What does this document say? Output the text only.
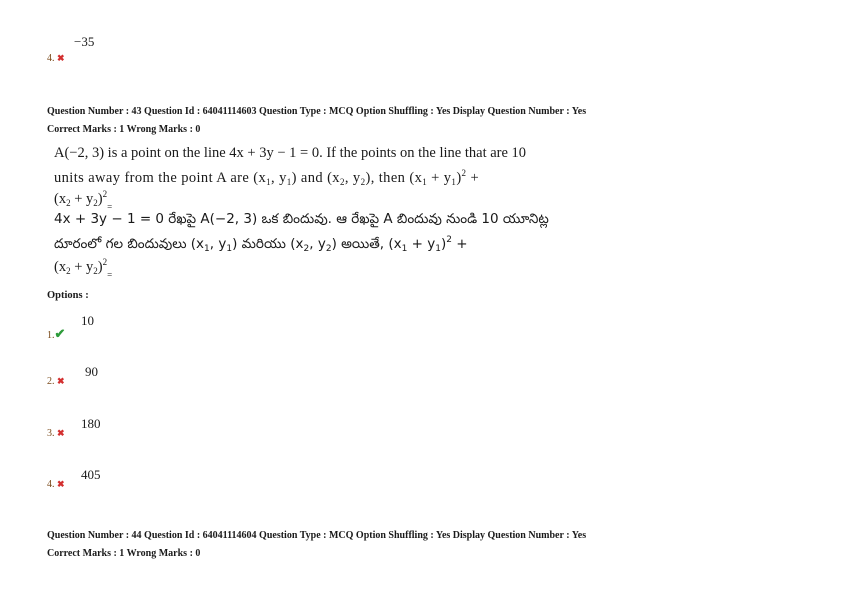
−35
4. ✖
Question Number : 43 Question Id : 64041114603 Question Type : MCQ Option Shuffling : Yes Display Question Number : Yes
Correct Marks : 1 Wrong Marks : 0
A(−2, 3) is a point on the line 4x + 3y − 1 = 0. If the points on the line that are 10
units away from the point A are ($x_1$, $y_1$) and ($x_2$, $y_2$), then $(x_1 + y_1)^2$ +
$(x_2 + y_2)^2_=$
4x + 3y − 1 = 0 రేఖపై A(−2, 3) ఒక బిందువు. ఆ రేఖపై A బిందువు నుండి 10 యూనిట్ల
దూరంలో గల బిందువులు ($x_1$, $y_1$) మరియు ($x_2$, $y_2$) అయితే, $(x_1 + y_1)^2$ +
$(x_2 + y_2)^2_=$
Options :
10
1.✔
90
2. ✖
180
3. ✖
405
4. ✖
Question Number : 44 Question Id : 64041114604 Question Type : MCQ Option Shuffling : Yes Display Question Number : Yes
Correct Marks : 1 Wrong Marks : 0
